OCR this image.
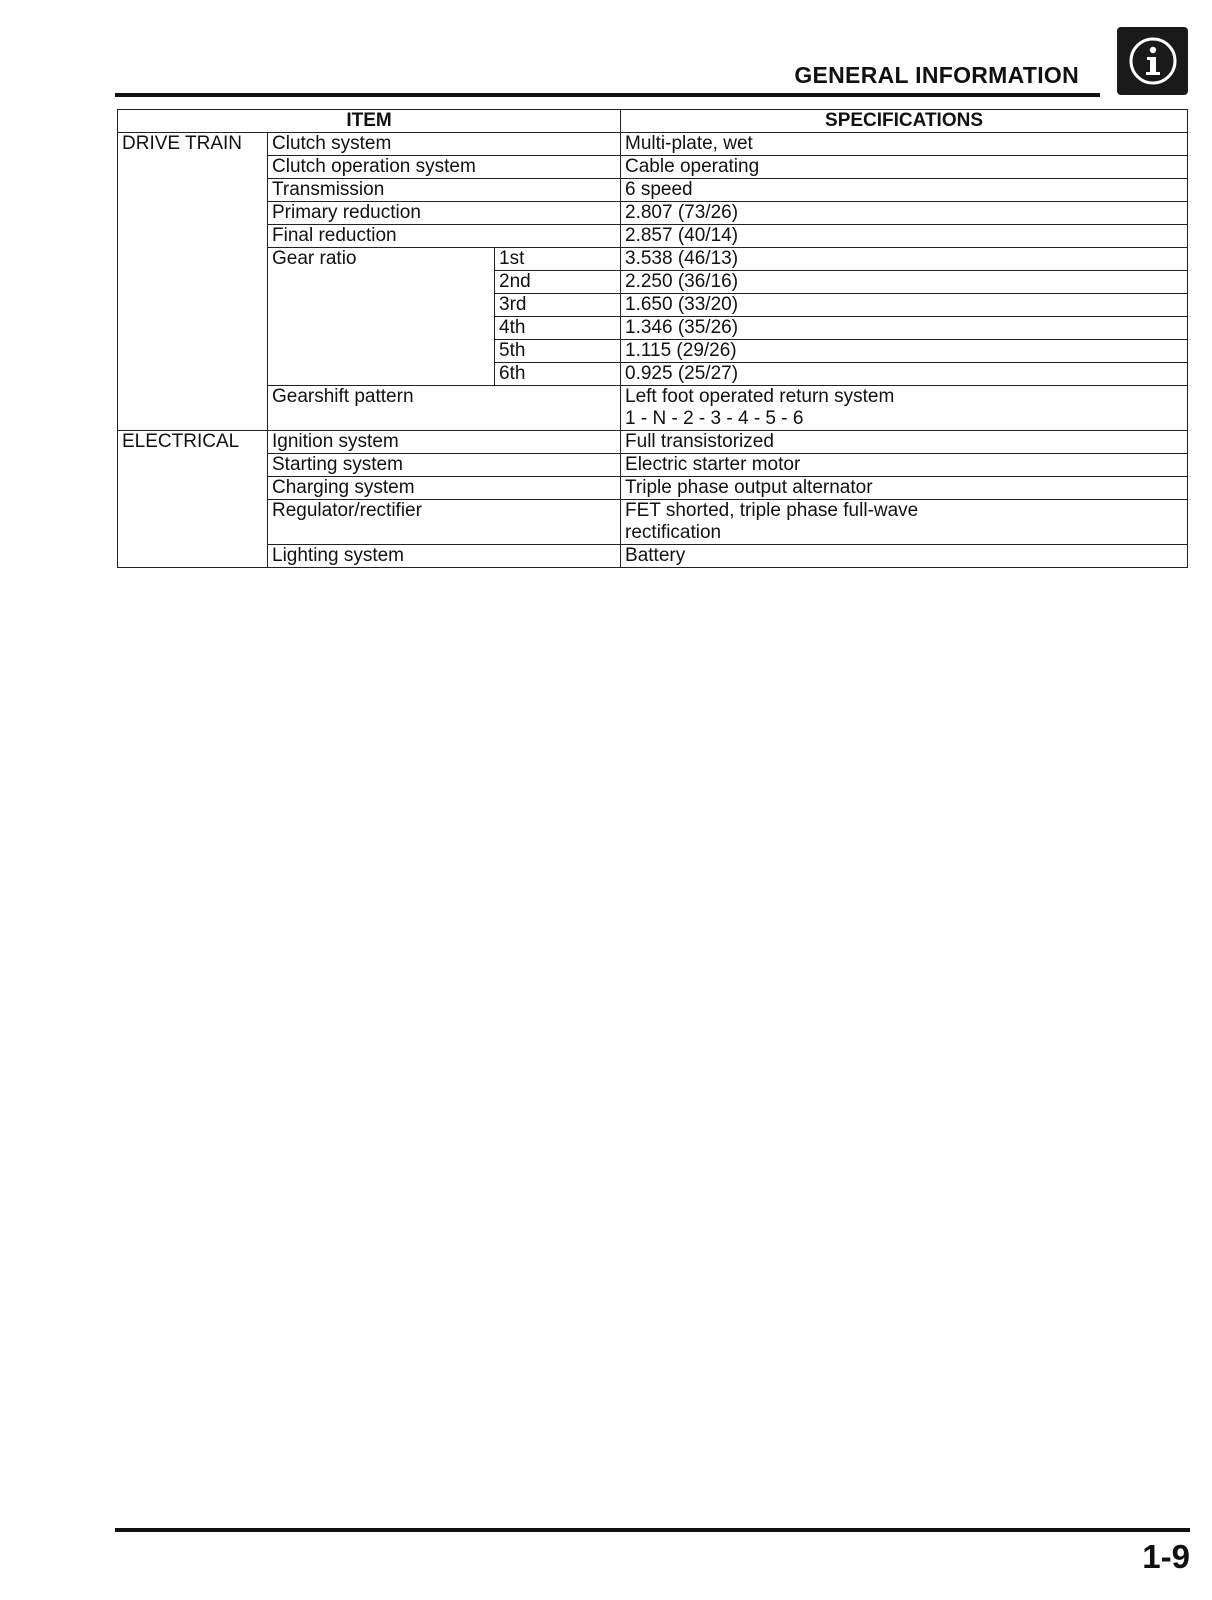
GENERAL INFORMATION
ITEM			SPECIFICATIONS
DRIVE TRAIN	Clutch system		Multi-plate, wet
	Clutch operation system		Cable operating
	Transmission		6 speed
	Primary reduction		2.807 (73/26)
	Final reduction		2.857 (40/14)
	Gear ratio	1st	3.538 (46/13)
		2nd	2.250 (36/16)
		3rd	1.650 (33/20)
		4th	1.346 (35/26)
		5th	1.115 (29/26)
		6th	0.925 (25/27)
	Gearshift pattern		Left foot operated return system
1 - N - 2 - 3 - 4 - 5 - 6

ELECTRICAL	Ignition system		Full transistorized
	Starting system		Electric starter motor
	Charging system		Triple phase output alternator
	Regulator/rectifier		FET shorted, triple phase full-wave
rectification

	Lighting system		Battery
1-9
